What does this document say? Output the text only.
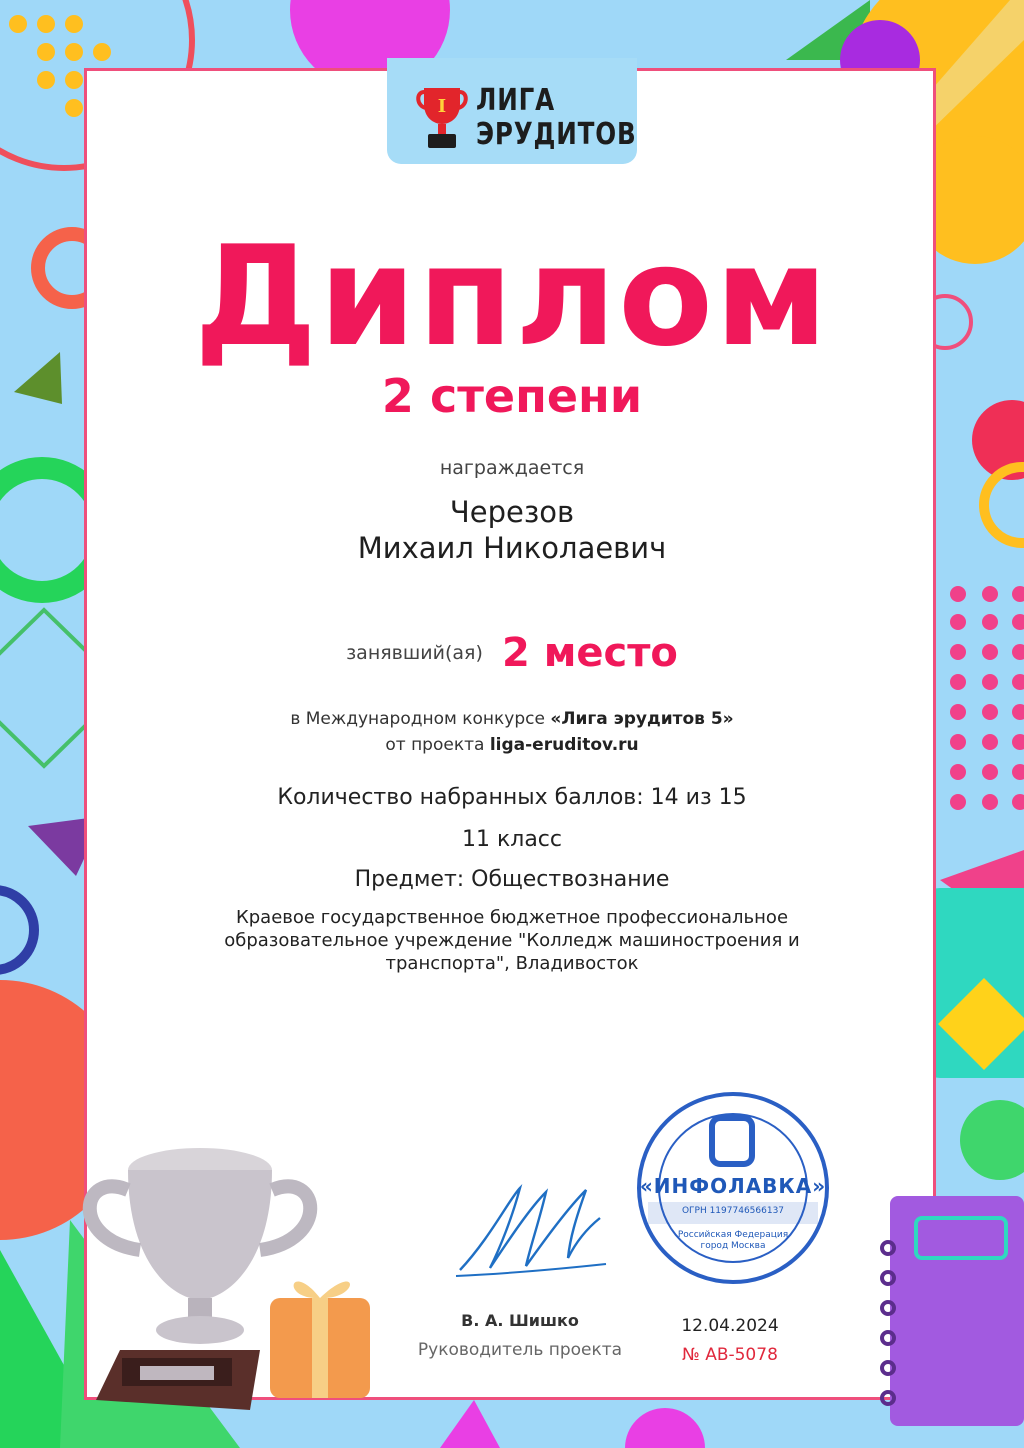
I ЛИГА
ЭРУДИТОВ
Диплом
2 степени
награждается
Черезов
Михаил Николаевич
занявший(ая) 2 место
в Международном конкурсе «Лига эрудитов 5»
от проекта liga-eruditov.ru
Количество набранных баллов: 14 из 15
11 класс
Предмет: Обществознание
Краевое государственное бюджетное профессиональное образовательное учреждение "Колледж машиностроения и транспорта", Владивосток
«ИНФОЛАВКА»
ОГРН 1197746566137
Российская Федерация
город Москва
В. А. Шишко
Руководитель проекта
12.04.2024
№ АВ-5078
